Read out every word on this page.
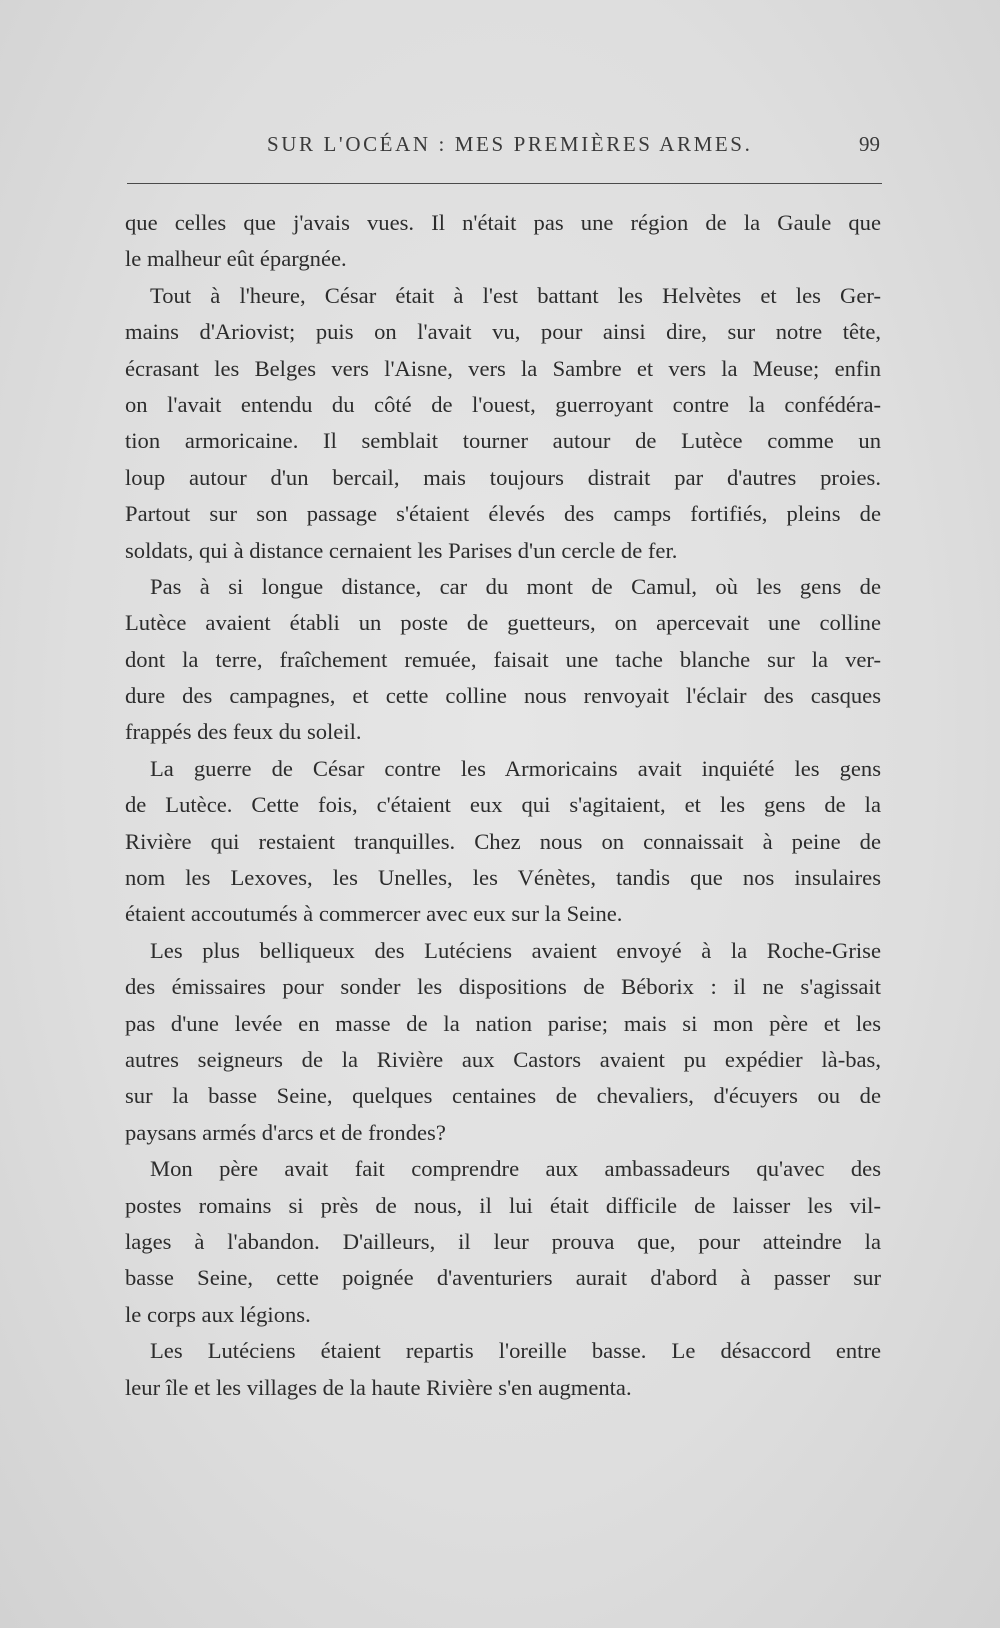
SUR L'OCÉAN : MES PREMIÈRES ARMES.	99
que celles que j'avais vues. Il n'était pas une région de la Gaule que
le malheur eût épargnée.
Tout à l'heure, César était à l'est battant les Helvètes et les Ger-
mains d'Ariovist; puis on l'avait vu, pour ainsi dire, sur notre tête,
écrasant les Belges vers l'Aisne, vers la Sambre et vers la Meuse; enfin
on l'avait entendu du côté de l'ouest, guerroyant contre la confédéra-
tion armoricaine. Il semblait tourner autour de Lutèce comme un
loup autour d'un bercail, mais toujours distrait par d'autres proies.
Partout sur son passage s'étaient élevés des camps fortifiés, pleins de
soldats, qui à distance cernaient les Parises d'un cercle de fer.
Pas à si longue distance, car du mont de Camul, où les gens de
Lutèce avaient établi un poste de guetteurs, on apercevait une colline
dont la terre, fraîchement remuée, faisait une tache blanche sur la ver-
dure des campagnes, et cette colline nous renvoyait l'éclair des casques
frappés des feux du soleil.
La guerre de César contre les Armoricains avait inquiété les gens
de Lutèce. Cette fois, c'étaient eux qui s'agitaient, et les gens de la
Rivière qui restaient tranquilles. Chez nous on connaissait à peine de
nom les Lexoves, les Unelles, les Vénètes, tandis que nos insulaires
étaient accoutumés à commercer avec eux sur la Seine.
Les plus belliqueux des Lutéciens avaient envoyé à la Roche-Grise
des émissaires pour sonder les dispositions de Béborix : il ne s'agissait
pas d'une levée en masse de la nation parise; mais si mon père et les
autres seigneurs de la Rivière aux Castors avaient pu expédier là-bas,
sur la basse Seine, quelques centaines de chevaliers, d'écuyers ou de
paysans armés d'arcs et de frondes?
Mon père avait fait comprendre aux ambassadeurs qu'avec des
postes romains si près de nous, il lui était difficile de laisser les vil-
lages à l'abandon. D'ailleurs, il leur prouva que, pour atteindre la
basse Seine, cette poignée d'aventuriers aurait d'abord à passer sur
le corps aux légions.
Les Lutéciens étaient repartis l'oreille basse. Le désaccord entre
leur île et les villages de la haute Rivière s'en augmenta.
